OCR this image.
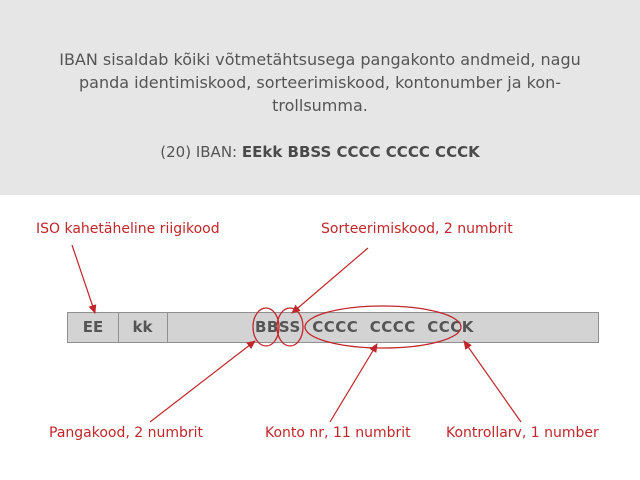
IBAN sisaldab kõiki võtmetähtsusega pangakonto andmeid, nagu
panda identimiskood, sorteerimiskood, kontonumber ja kon-
trollsumma.
(20) IBAN: EEkk BBSS CCCC CCCC CCCK
EE	kk	BBSS  CCCC  CCCC  CCCK
ISO kahetäheline riigikood	Sorteerimiskood, 2 numbrit
Pangakood, 2 numbrit	Konto nr, 11 numbrit	Kontrollarv, 1 number
